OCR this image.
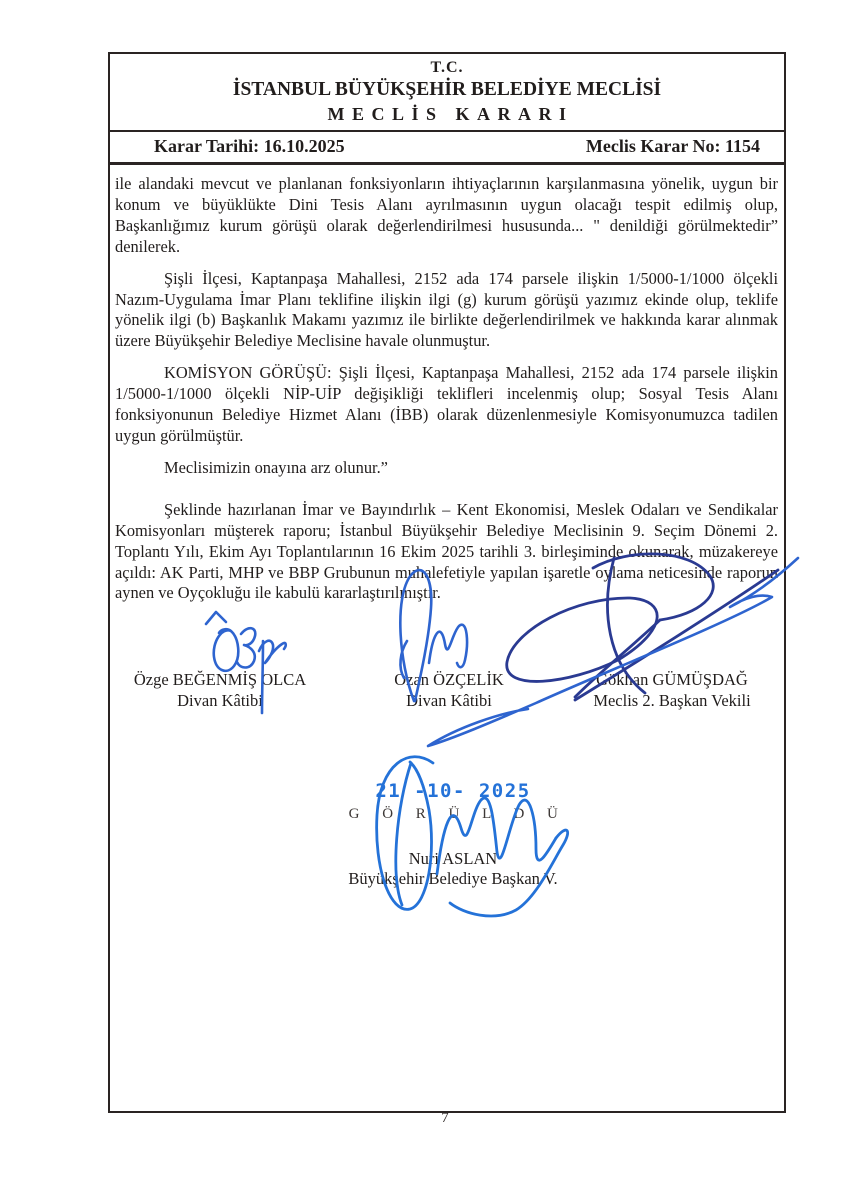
T.C.
İSTANBUL BÜYÜKŞEHİR BELEDİYE MECLİSİ
MECLİS KARARI
Karar Tarihi: 16.10.2025	Meclis Karar No: 1154

ile alandaki mevcut ve planlanan fonksiyonların ihtiyaçlarının karşılanmasına yönelik, uygun bir konum ve büyüklükte Dini Tesis Alanı ayrılmasının uygun olacağı tespit edilmiş olup, Başkanlığımız kurum görüşü olarak değerlendirilmesi hususunda... " denildiği görülmektedir” denilerek.

Şişli İlçesi, Kaptanpaşa Mahallesi, 2152 ada 174 parsele ilişkin 1/5000-1/1000 ölçekli Nazım-Uygulama İmar Planı teklifine ilişkin ilgi (g) kurum görüşü yazımız ekinde olup, teklife yönelik ilgi (b) Başkanlık Makamı yazımız ile birlikte değerlendirilmek ve hakkında karar alınmak üzere Büyükşehir Belediye Meclisine havale olunmuştur.

KOMİSYON GÖRÜŞÜ: Şişli İlçesi, Kaptanpaşa Mahallesi, 2152 ada 174 parsele ilişkin 1/5000-1/1000 ölçekli NİP-UİP değişikliği teklifleri incelenmiş olup; Sosyal Tesis Alanı fonksiyonunun Belediye Hizmet Alanı (İBB) olarak düzenlenmesiyle Komisyonumuzca tadilen uygun görülmüştür.

Meclisimizin onayına arz olunur.”

Şeklinde hazırlanan İmar ve Bayındırlık – Kent Ekonomisi, Meslek Odaları ve Sendikalar Komisyonları müşterek raporu; İstanbul Büyükşehir Belediye Meclisinin 9. Seçim Dönemi 2. Toplantı Yılı, Ekim Ayı Toplantılarının 16 Ekim 2025 tarihli 3. birleşiminde okunarak, müzakereye açıldı: AK Parti, MHP ve BBP Grubunun muhalefetiyle yapılan işaretle oylama neticesinde raporun aynen ve Oyçokluğu ile kabulü kararlaştırılmıştır.

Özge BEĞENMİŞ OLCA
Divan Kâtibi
Ozan ÖZÇELİK
Divan Kâtibi
Gökhan GÜMÜŞDAĞ
Meclis 2. Başkan Vekili
21 -10- 2025
G Ö R Ü L D Ü
Nuri ASLAN
Büyükşehir Belediye Başkan V.
7
